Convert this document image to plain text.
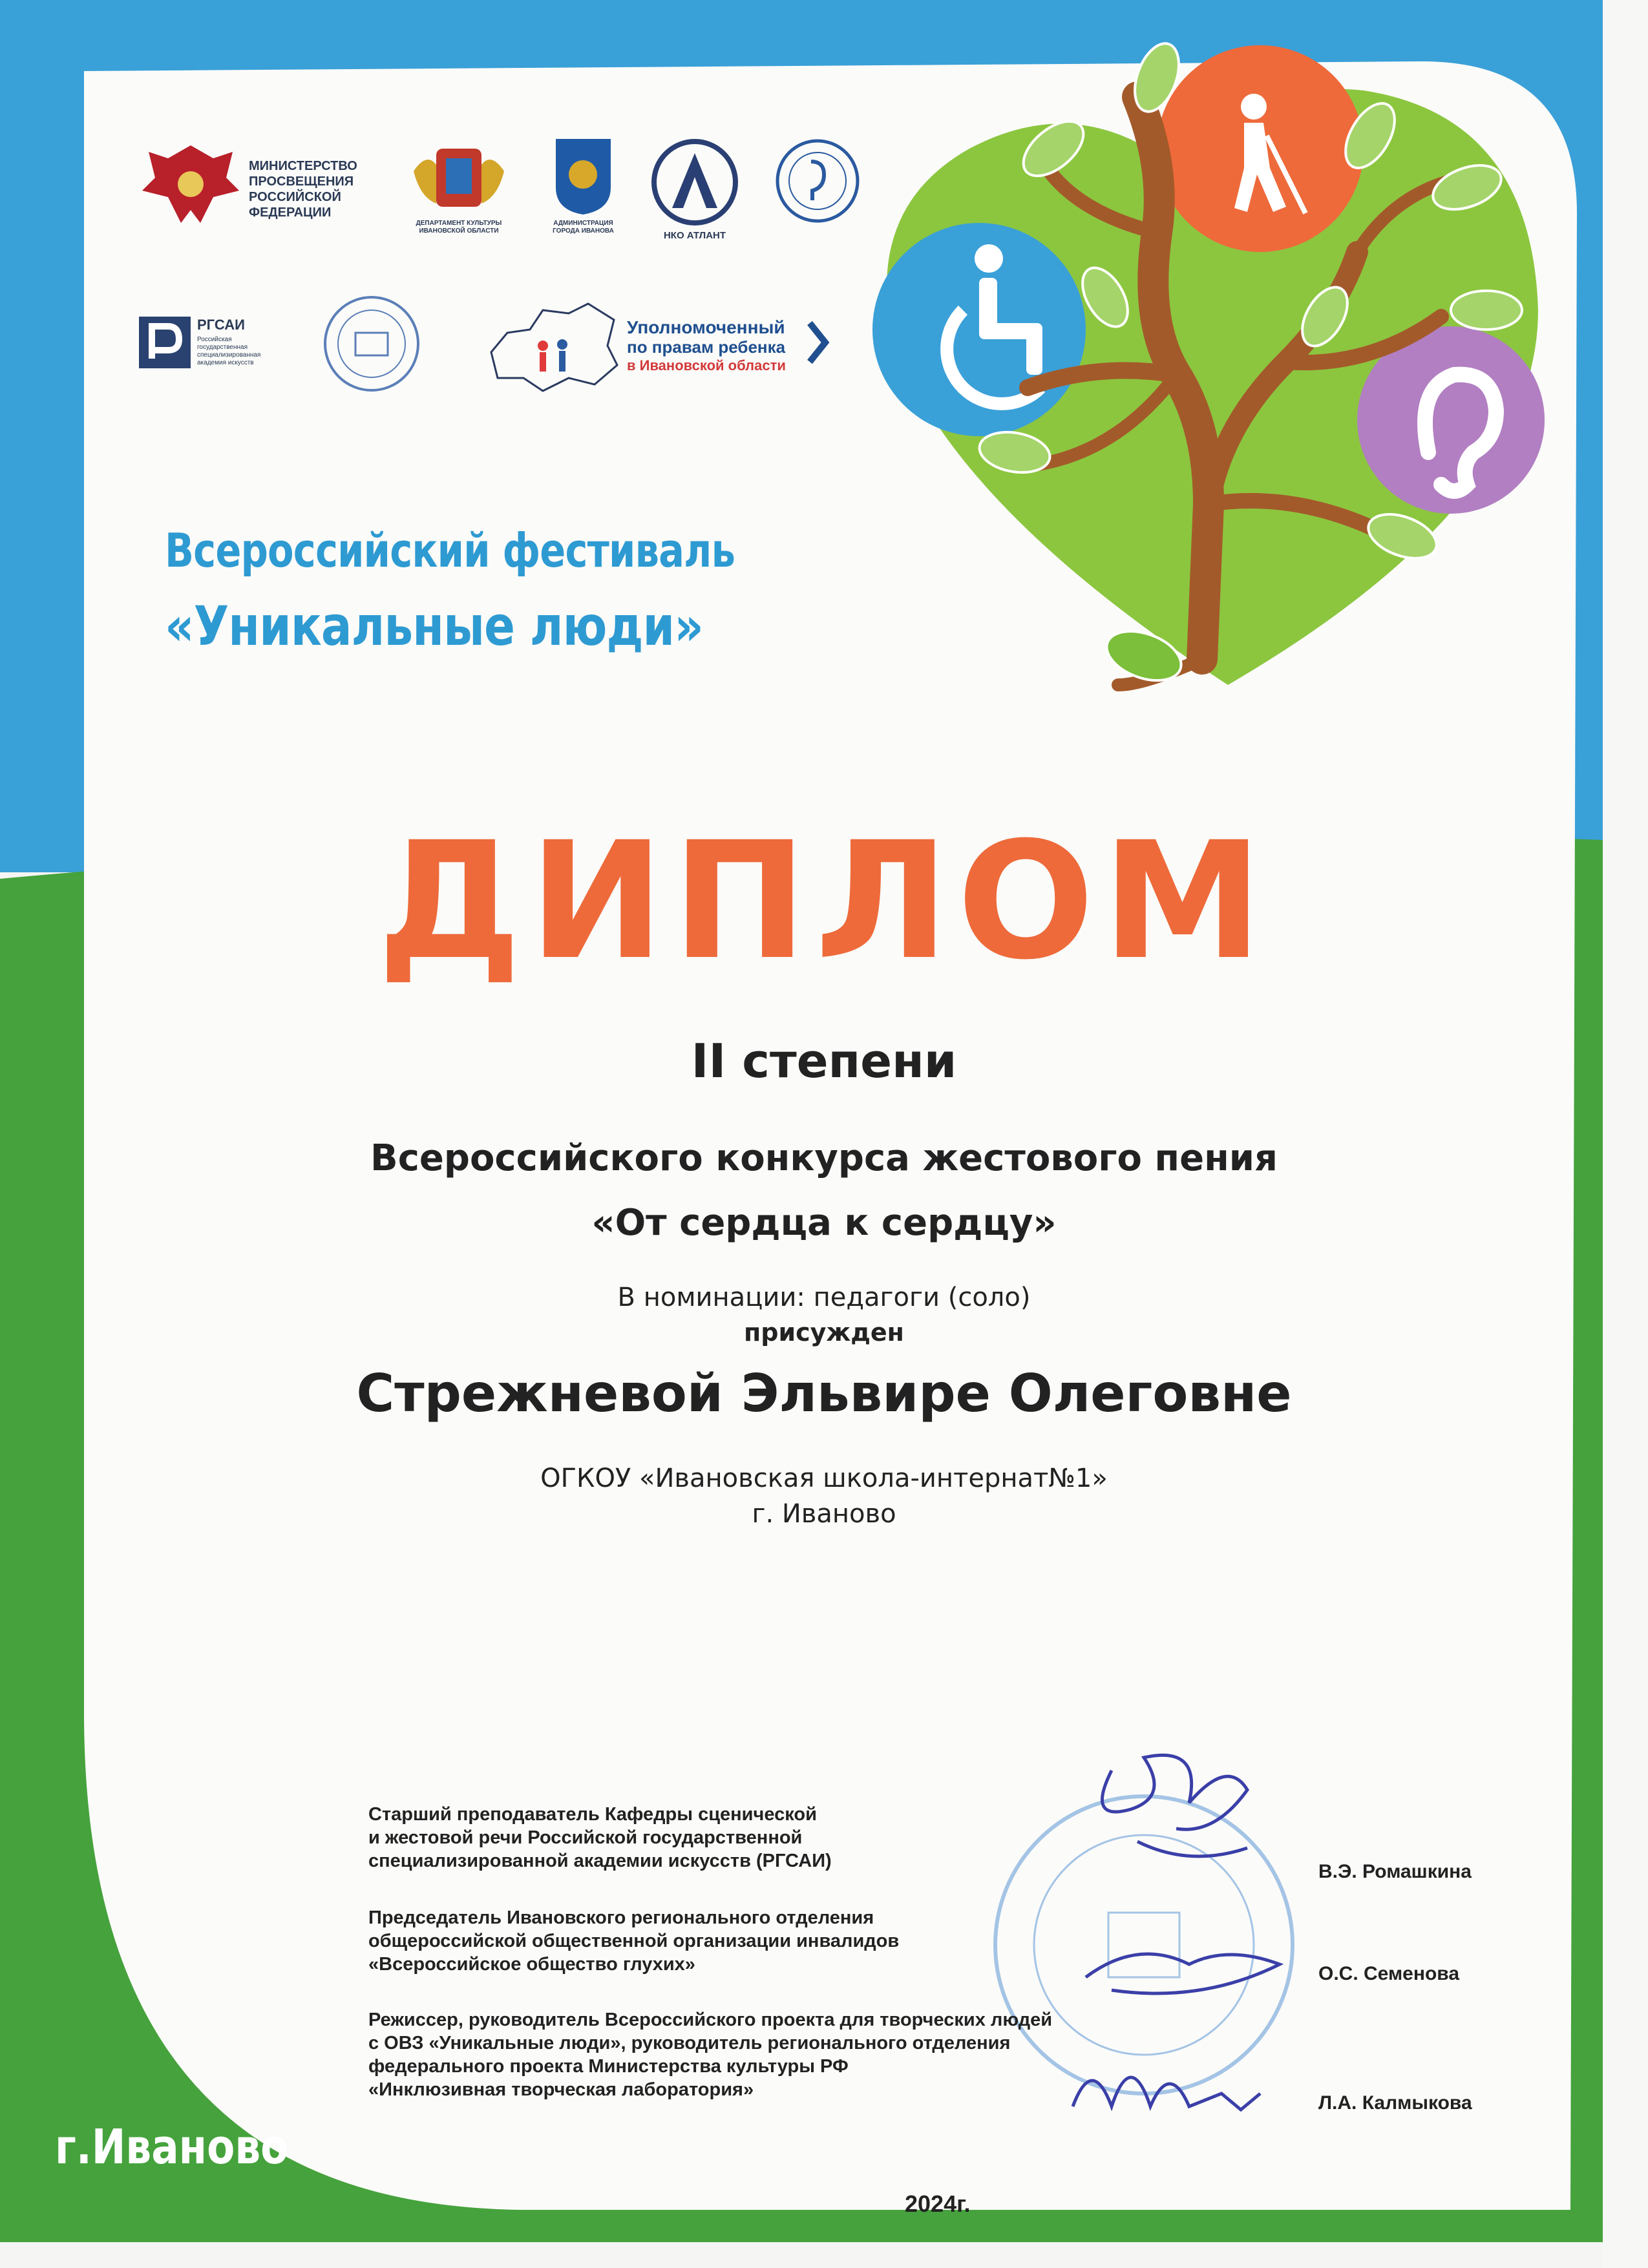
МИНИСТЕРСТВО ПРОСВЕЩЕНИЯ РОССИЙСКОЙ ФЕДЕРАЦИИ
ДЕПАРТАМЕНТ КУЛЬТУРЫ ИВАНОВСКОЙ ОБЛАСТИ
АДМИНИСТРАЦИЯ ГОРОДА ИВАНОВА	НКО АТЛАНТ
РГСАИ
Российская государственная специализированная академия искусств
Уполномоченный
по правам ребенка
в Ивановской области
Всероссийский фестиваль
«Уникальные люди»
ДИПЛОМ
II степени
Всероссийского конкурса жестового пения
«От сердца к сердцу»
В номинации: педагоги (соло)
присужден
Стрежневой Эльвире Олеговне
ОГКОУ «Ивановская школа-интернат№1»
г. Иваново
Старший преподаватель Кафедры сценической
и жестовой речи Российской государственной
специализированной академии искусств (РГСАИ)	В.Э. Ромашкина
Председатель Ивановского регионального отделения
общероссийской общественной организации инвалидов
«Всероссийское общество глухих»	О.С. Семенова
Режиссер, руководитель Всероссийского проекта для творческих людей
с ОВЗ «Уникальные люди», руководитель регионального отделения
федерального проекта Министерства культуры РФ
«Инклюзивная творческая лаборатория»
Л.А. Калмыкова
г.Иваново
2024г.
